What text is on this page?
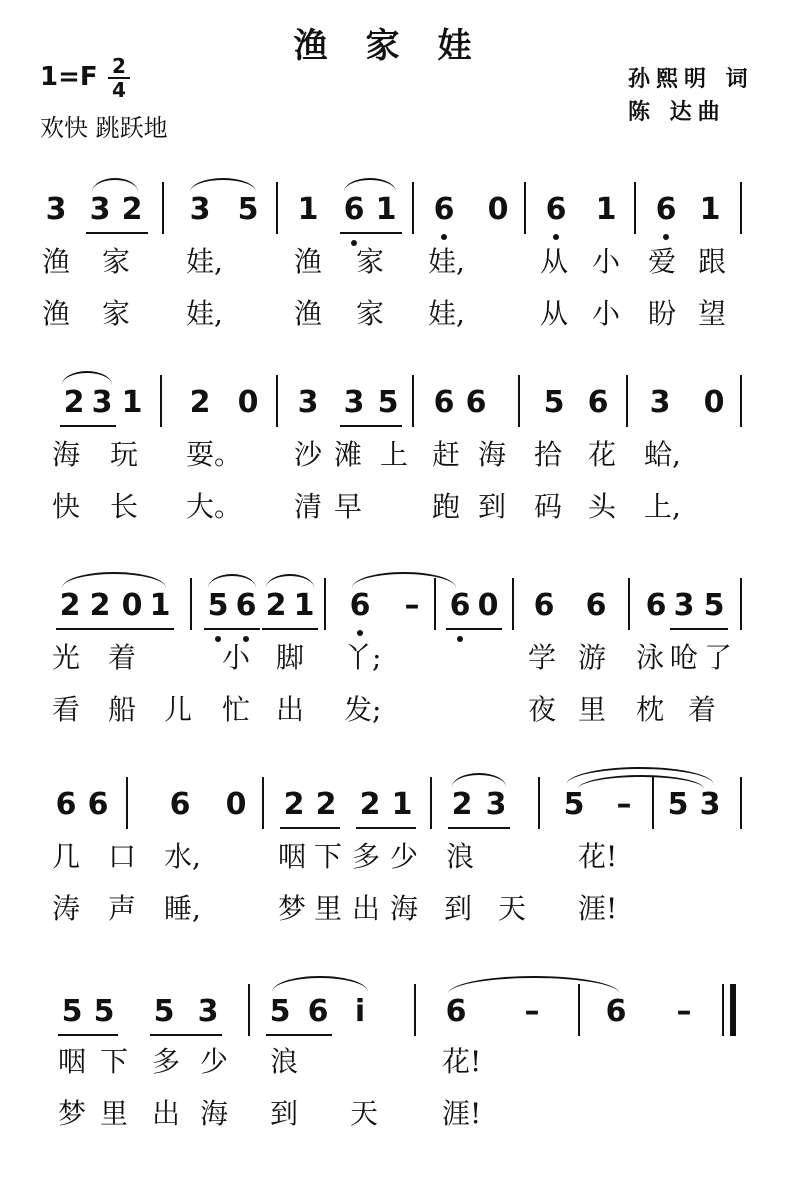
渔家娃
1=F 2
4
欢快 跳跃地
孙熙明 词
陈 达曲
3 3 2 3 5 1 6 1 6 0 6 1 6 1
渔 家 娃,	渔 家 娃,	从 小 爱 跟
渔 家 娃,	渔 家 娃,	从 小 盼 望
2 3 1 2 0 3 3 5 6 6 5 6 3 0
海 玩 耍。 沙 滩 上 赶 海 拾 花 蛤,
快 长 大。 清 早 跑 到 码 头 上,
2 2 0 1 5 6 2 1 6 – 6 0 6 6 6 3 5
光 着	小 脚 丫;	学 游 泳 呛 了
看 船 儿 忙 出 发;	夜 里 枕 着
6 6 6 0 2 2 2 1 2 3 5 – 5 3
几 口 水,	咽 下 多 少 浪	花!
涛 声 睡,	梦 里 出 海 到 天 涯!
5 5 5 3 5 6 i	6 – 6 –
咽 下 多 少 浪	花!
梦 里 出 海 到 天 涯!
